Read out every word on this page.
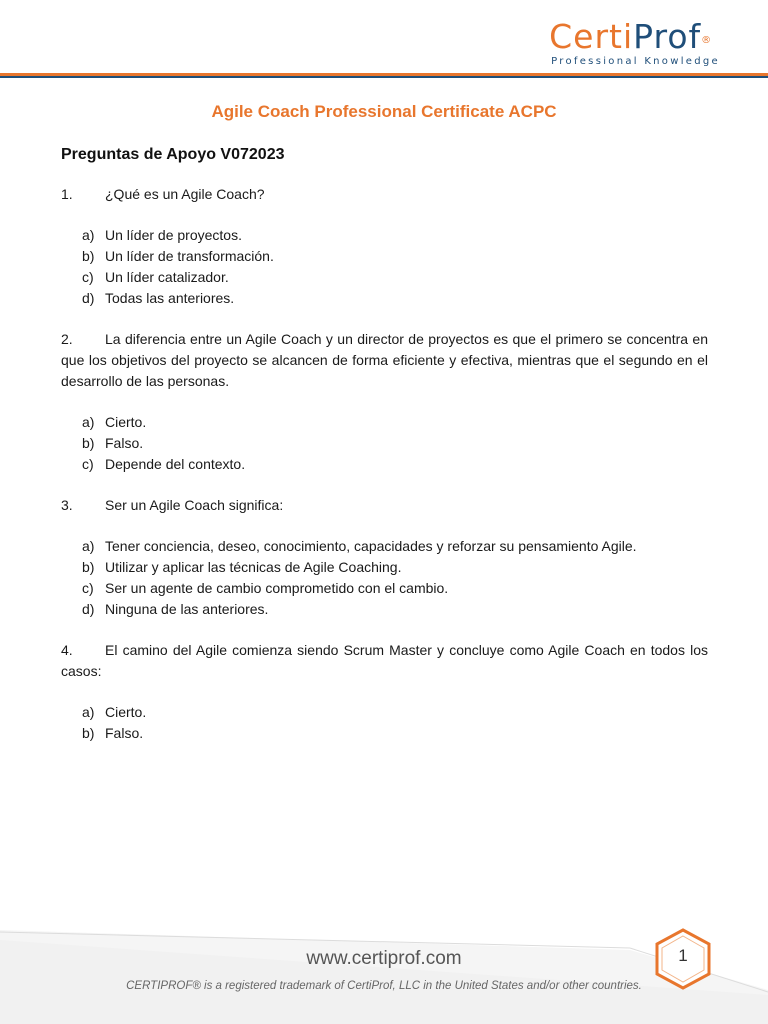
CertiProf®
Professional Knowledge
Agile Coach Professional Certificate ACPC
Preguntas de Apoyo V072023

1. ¿Qué es un Agile Coach?

a) Un líder de proyectos.
b) Un líder de transformación.
c) Un líder catalizador.
d) Todas las anteriores.

2. La diferencia entre un Agile Coach y un director de proyectos es que el primero se concentra en que los objetivos del proyecto se alcancen de forma eficiente y efectiva, mientras que el segundo en el desarrollo de las personas.

a) Cierto.
b) Falso.
c) Depende del contexto.

3. Ser un Agile Coach significa:

a) Tener conciencia, deseo, conocimiento, capacidades y reforzar su pensamiento Agile.
b) Utilizar y aplicar las técnicas de Agile Coaching.
c) Ser un agente de cambio comprometido con el cambio.
d) Ninguna de las anteriores.

4. El camino del Agile comienza siendo Scrum Master y concluye como Agile Coach en todos los casos:

a) Cierto.
b) Falso.
www.certiprof.com
CERTIPROF® is a registered trademark of CertiProf, LLC in the United States and/or other countries.
1
